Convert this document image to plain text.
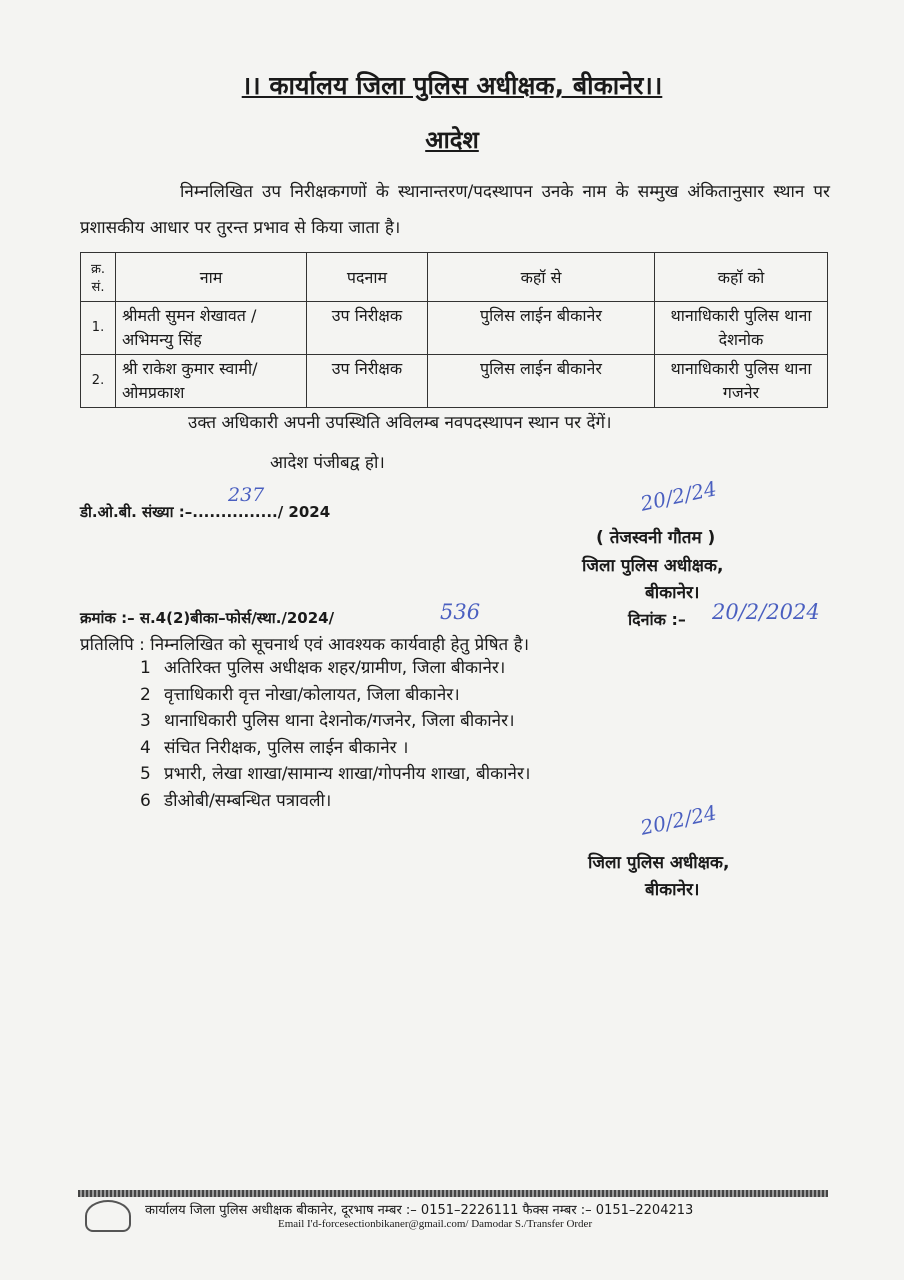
।। कार्यालय जिला पुलिस अधीक्षक, बीकानेर।।
आदेश
निम्नलिखित उप निरीक्षकगणों के स्थानान्तरण/पदस्थापन उनके नाम के सम्मुख अंकितानुसार स्थान पर प्रशासकीय आधार पर तुरन्त प्रभाव से किया जाता है।
क्र. सं.	नाम	पदनाम	कहॉ से	कहॉ को
1.	श्रीमती सुमन शेखावत /अभिमन्यु सिंह	उप निरीक्षक	पुलिस लाईन बीकानेर	थानाधिकारी पुलिस थाना देशनोक
2.	श्री राकेश कुमार स्वामी/ओमप्रकाश	उप निरीक्षक	पुलिस लाईन बीकानेर	थानाधिकारी पुलिस थाना गजनेर
उक्त अधिकारी अपनी उपस्थिति अविलम्ब नवपदस्थापन स्थान पर देंगें।
आदेश पंजीबद्व हो।
डी.ओ.बी. संख्या :–.............../ 2024
237	20/2/24
( तेजस्वनी गौतम )
जिला पुलिस अधीक्षक,
बीकानेर।
क्रमांक :– स.4(2)बीका–फोर्स/स्था./2024/	536	दिनांक :– 20/2/2024
प्रतिलिपि : निम्नलिखित को सूचनार्थ एवं आवश्यक कार्यवाही हेतु प्रेषित है।
1 अतिरिक्त पुलिस अधीक्षक शहर/ग्रामीण, जिला बीकानेर।
2 वृत्ताधिकारी वृत्त नोखा/कोलायत, जिला बीकानेर।
3 थानाधिकारी पुलिस थाना देशनोक/गजनेर, जिला बीकानेर।
4 संचित निरीक्षक, पुलिस लाईन बीकानेर ।
5 प्रभारी, लेखा शाखा/सामान्य शाखा/गोपनीय शाखा, बीकानेर।
6 डीओबी/सम्बन्धित पत्रावली।	20/2/24
जिला पुलिस अधीक्षक,
बीकानेर।
कार्यालय जिला पुलिस अधीक्षक बीकानेर, दूरभाष नम्बर :– 0151–2226111 फैक्स नम्बर :– 0151–2204213
Email I'd-forcesectionbikaner@gmail.com/ Damodar S./Transfer Order
